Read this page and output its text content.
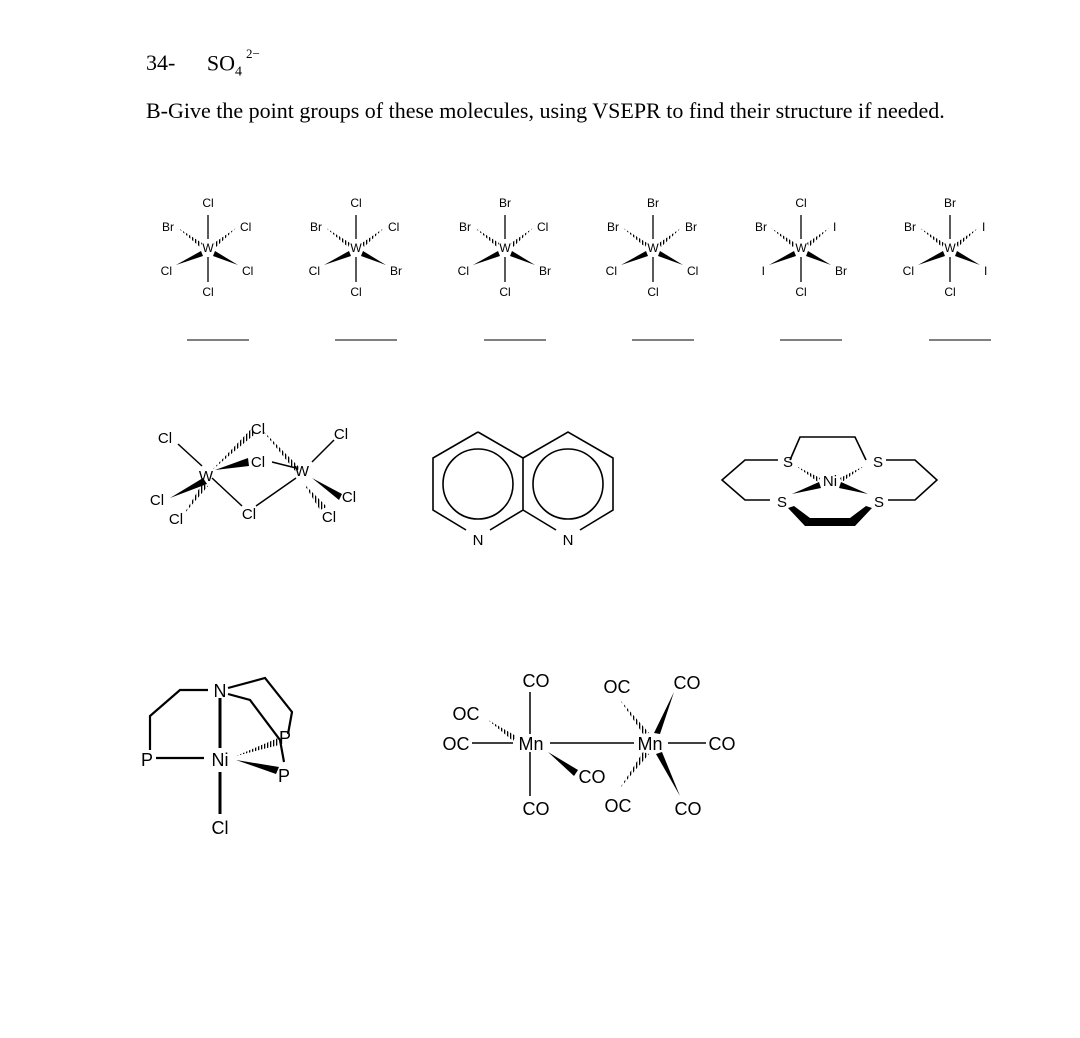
34- $SO_4^{2-}$
B-Give the point groups of these molecules, using VSEPR to find their structure if needed.
W
Cl
Cl
Br	Cl
Cl	Cl
W
Cl
Cl
Br	Cl
Cl	Br
W
Br
Cl
Br	Cl
Cl	Br
W
Br
Cl
Br	Br
Cl	Cl
W
Cl
Cl
Br	I
I	Br
W
Br
Cl
Br	I
Cl	I
W	W
Cl
Cl
Cl
Cl
Cl
Cl
Cl
Cl
Cl
N	N
Ni
S	S
S	S
N
Ni
P
P
P
Cl
Mn	Mn
CO
OC
OC
CO
CO
OC CO
CO
OC CO
